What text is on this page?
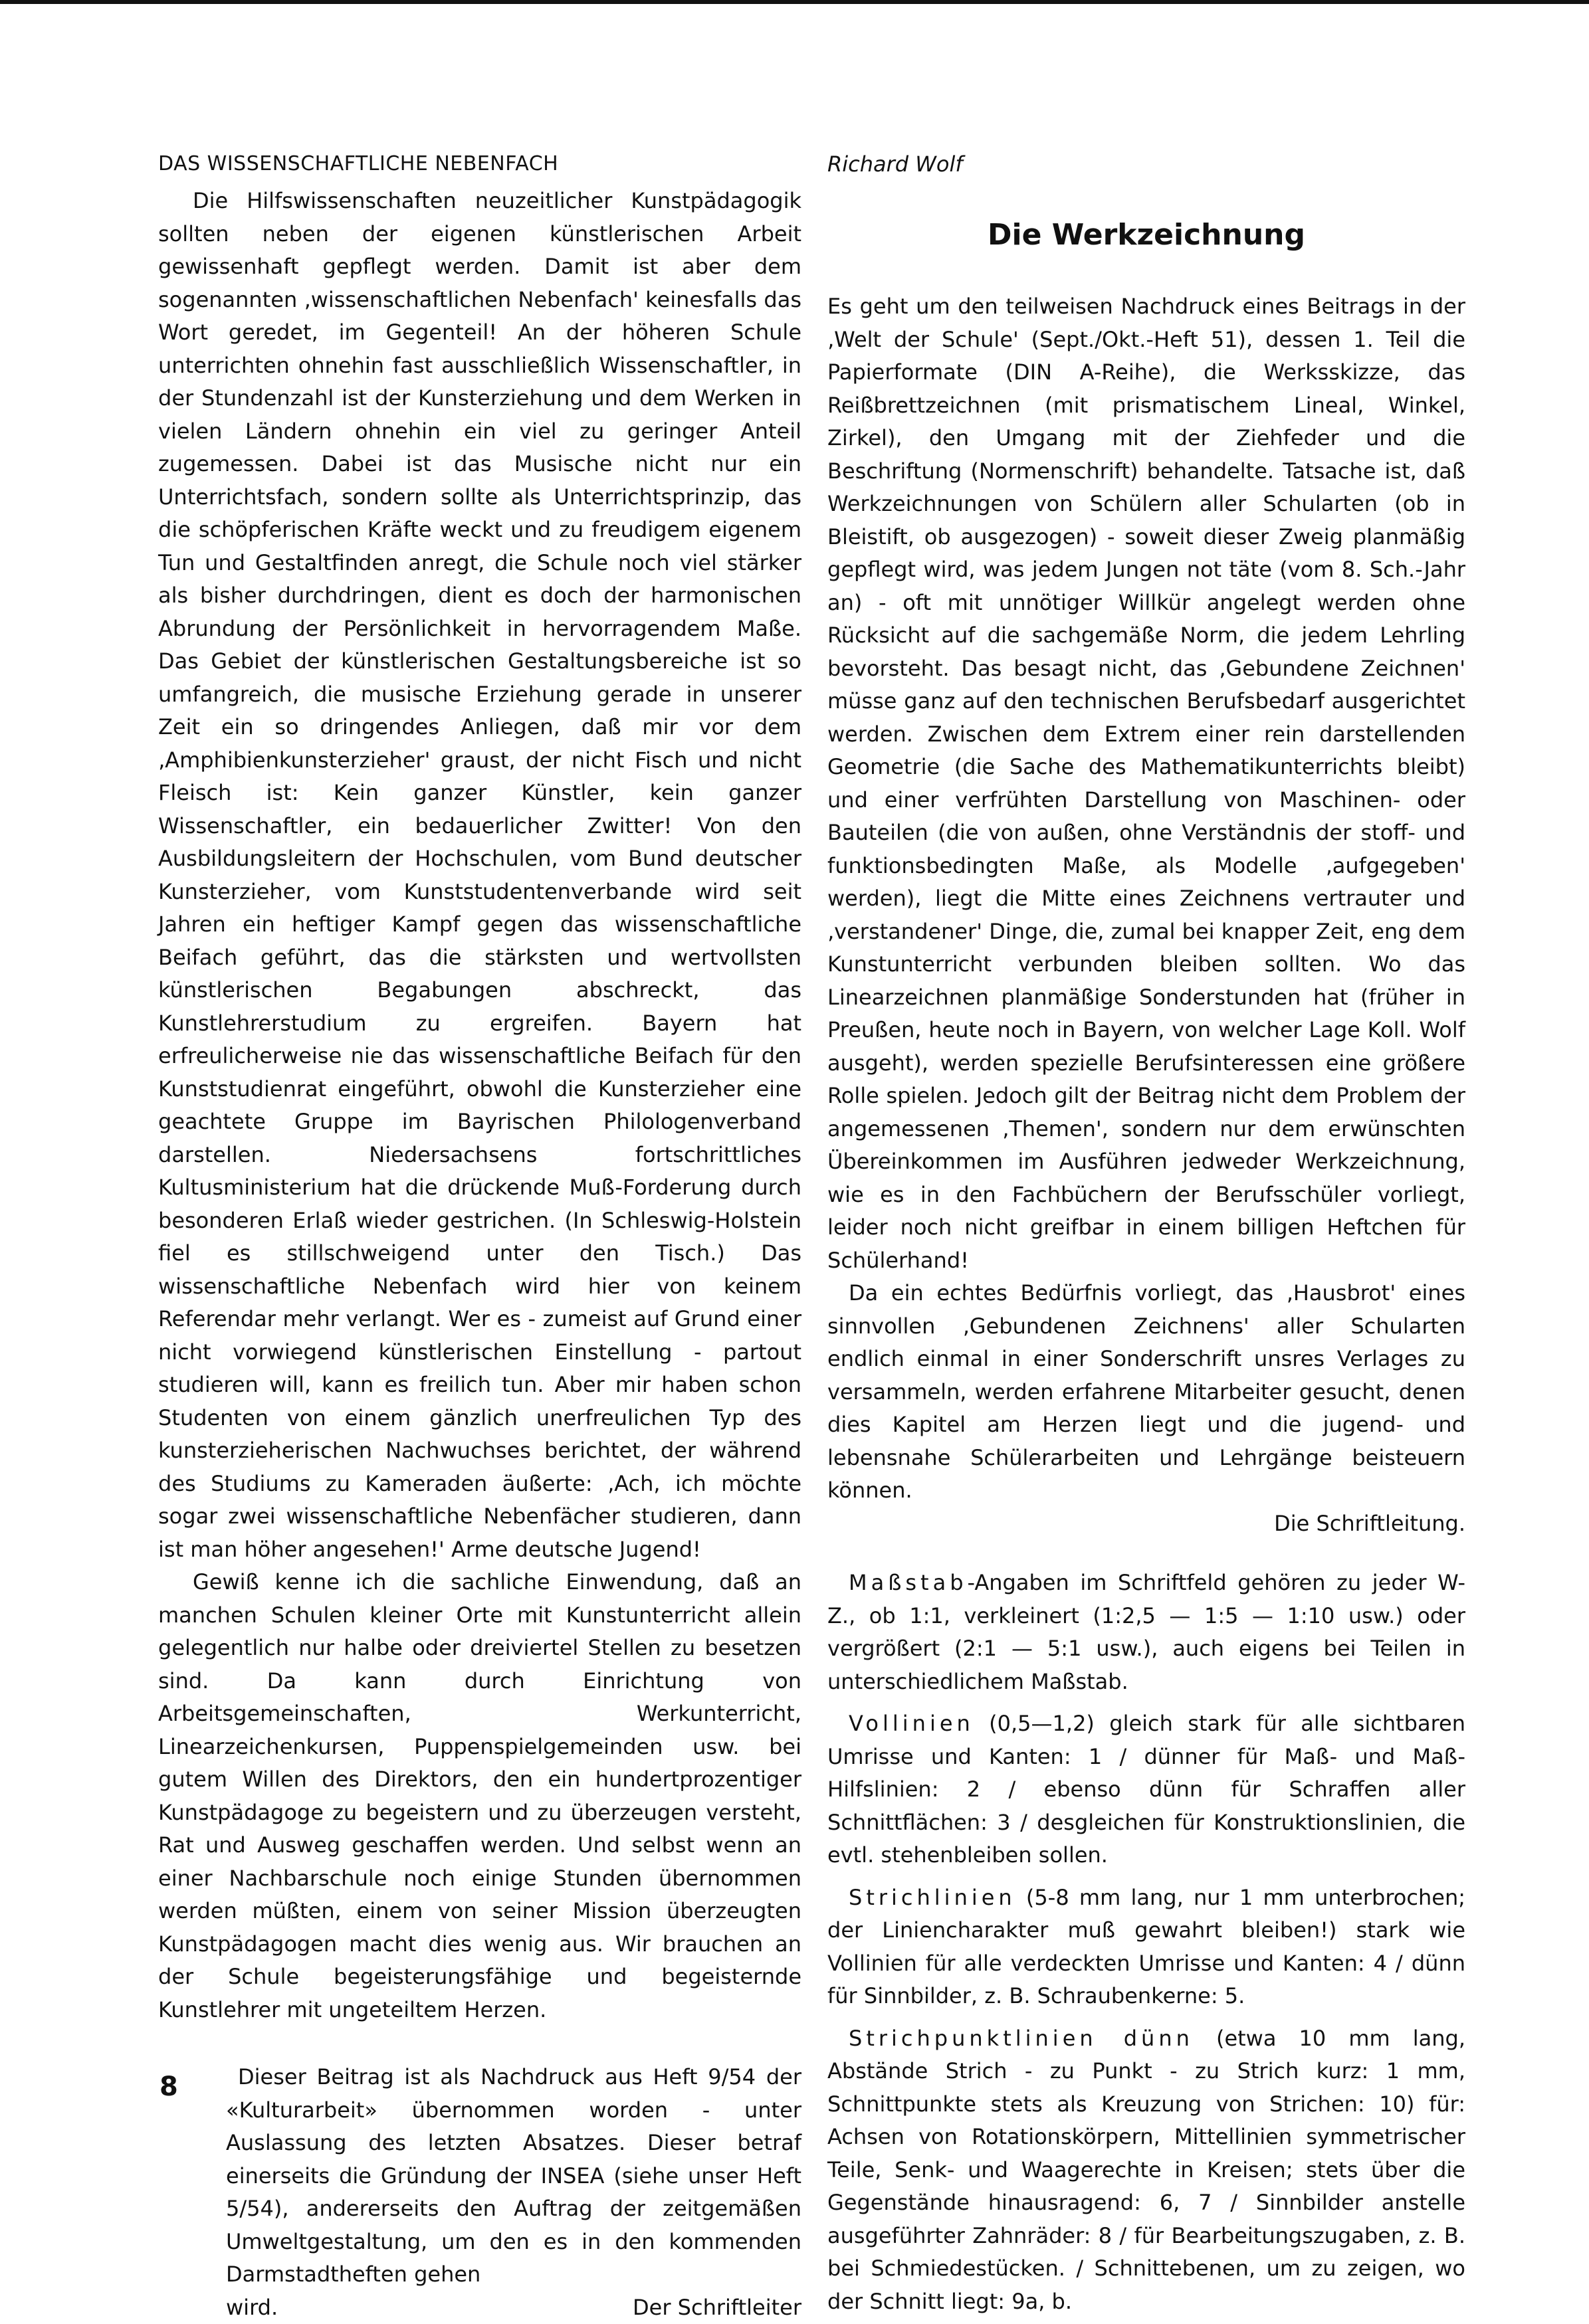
DAS WISSENSCHAFTLICHE NEBENFACH

Die Hilfswissenschaften neuzeitlicher Kunstpädagogik sollten neben der eigenen künstlerischen Arbeit gewissenhaft gepflegt werden. Damit ist aber dem sogenannten ‚wissenschaftlichen Nebenfach' keinesfalls das Wort geredet, im Gegenteil! An der höheren Schule unterrichten ohnehin fast ausschließlich Wissenschaftler, in der Stundenzahl ist der Kunsterziehung und dem Werken in vielen Ländern ohnehin ein viel zu geringer Anteil zugemessen. Dabei ist das Musische nicht nur ein Unterrichtsfach, sondern sollte als Unterrichtsprinzip, das die schöpferischen Kräfte weckt und zu freudigem eigenem Tun und Gestaltfinden anregt, die Schule noch viel stärker als bisher durchdringen, dient es doch der harmonischen Abrundung der Persönlichkeit in hervorragendem Maße. Das Gebiet der künstlerischen Gestaltungsbereiche ist so umfangreich, die musische Erziehung gerade in unserer Zeit ein so dringendes Anliegen, daß mir vor dem ‚Amphibienkunsterzieher' graust, der nicht Fisch und nicht Fleisch ist: Kein ganzer Künstler, kein ganzer Wissenschaftler, ein bedauerlicher Zwitter! Von den Ausbildungsleitern der Hochschulen, vom Bund deutscher Kunsterzieher, vom Kunststudentenverbande wird seit Jahren ein heftiger Kampf gegen das wissenschaftliche Beifach geführt, das die stärksten und wertvollsten künstlerischen Begabungen abschreckt, das Kunstlehrerstudium zu ergreifen. Bayern hat erfreulicherweise nie das wissenschaftliche Beifach für den Kunststudienrat eingeführt, obwohl die Kunsterzieher eine geachtete Gruppe im Bayrischen Philologenverband darstellen. Niedersachsens fortschrittliches Kultusministerium hat die drückende Muß-Forderung durch besonderen Erlaß wieder gestrichen. (In Schleswig-Holstein fiel es stillschweigend unter den Tisch.) Das wissenschaftliche Nebenfach wird hier von keinem Referendar mehr verlangt. Wer es - zumeist auf Grund einer nicht vorwiegend künstlerischen Einstellung - partout studieren will, kann es freilich tun. Aber mir haben schon Studenten von einem gänzlich unerfreulichen Typ des kunsterzieherischen Nachwuchses berichtet, der während des Studiums zu Kameraden äußerte: ‚Ach, ich möchte sogar zwei wissenschaftliche Nebenfächer studieren, dann ist man höher angesehen!' Arme deutsche Jugend!

Gewiß kenne ich die sachliche Einwendung, daß an manchen Schulen kleiner Orte mit Kunstunterricht allein gelegentlich nur halbe oder dreiviertel Stellen zu besetzen sind. Da kann durch Einrichtung von Arbeitsgemeinschaften, Werkunterricht, Linearzeichenkursen, Puppenspielgemeinden usw. bei gutem Willen des Direktors, den ein hundertprozentiger Kunstpädagoge zu begeistern und zu überzeugen versteht, Rat und Ausweg geschaffen werden. Und selbst wenn an einer Nachbarschule noch einige Stunden übernommen werden müßten, einem von seiner Mission überzeugten Kunstpädagogen macht dies wenig aus. Wir brauchen an der Schule begeisterungsfähige und begeisternde Kunstlehrer mit ungeteiltem Herzen.

Dieser Beitrag ist als Nachdruck aus Heft 9/54 der «Kulturarbeit» übernommen worden - unter Auslassung des letzten Absatzes. Dieser betraf einerseits die Gründung der INSEA (siehe unser Heft 5/54), andererseits den Auftrag der zeitgemäßen Umweltgestaltung, um den es in den kommenden Darmstadtheften gehen

wird.	Der Schriftleiter
Richard Wolf
Die Werkzeichnung

Es geht um den teilweisen Nachdruck eines Beitrags in der ‚Welt der Schule' (Sept./Okt.-Heft 51), dessen 1. Teil die Papierformate (DIN A-Reihe), die Werksskizze, das Reißbrettzeichnen (mit prismatischem Lineal, Winkel, Zirkel), den Umgang mit der Ziehfeder und die Beschriftung (Normenschrift) behandelte. Tatsache ist, daß Werkzeichnungen von Schülern aller Schularten (ob in Bleistift, ob ausgezogen) - soweit dieser Zweig planmäßig gepflegt wird, was jedem Jungen not täte (vom 8. Sch.-Jahr an) - oft mit unnötiger Willkür angelegt werden ohne Rücksicht auf die sachgemäße Norm, die jedem Lehrling bevorsteht. Das besagt nicht, das ‚Gebundene Zeichnen' müsse ganz auf den technischen Berufsbedarf ausgerichtet werden. Zwischen dem Extrem einer rein darstellenden Geometrie (die Sache des Mathematikunterrichts bleibt) und einer verfrühten Darstellung von Maschinen- oder Bauteilen (die von außen, ohne Verständnis der stoff- und funktionsbedingten Maße, als Modelle ‚aufgegeben' werden), liegt die Mitte eines Zeichnens vertrauter und ‚verstandener' Dinge, die, zumal bei knapper Zeit, eng dem Kunstunterricht verbunden bleiben sollten. Wo das Linearzeichnen planmäßige Sonderstunden hat (früher in Preußen, heute noch in Bayern, von welcher Lage Koll. Wolf ausgeht), werden spezielle Berufsinteressen eine größere Rolle spielen. Jedoch gilt der Beitrag nicht dem Problem der angemessenen ‚Themen', sondern nur dem erwünschten Übereinkommen im Ausführen jedweder Werkzeichnung, wie es in den Fachbüchern der Berufsschüler vorliegt, leider noch nicht greifbar in einem billigen Heftchen für Schülerhand!

Da ein echtes Bedürfnis vorliegt, das ‚Hausbrot' eines sinnvollen ‚Gebundenen Zeichnens' aller Schularten endlich einmal in einer Sonderschrift unsres Verlages zu versammeln, werden erfahrene Mitarbeiter gesucht, denen dies Kapitel am Herzen liegt und die jugend- und lebensnahe Schülerarbeiten und Lehrgänge beisteuern können.

Die Schriftleitung.

Maßstab-Angaben im Schriftfeld gehören zu jeder W-Z., ob 1:1, verkleinert (1:2,5 — 1:5 — 1:10 usw.) oder vergrößert (2:1 — 5:1 usw.), auch eigens bei Teilen in unterschiedlichem Maßstab.

Vollinien (0,5—1,2) gleich stark für alle sichtbaren Umrisse und Kanten: 1 / dünner für Maß- und Maß-Hilfslinien: 2 / ebenso dünn für Schraffen aller Schnittflächen: 3 / desgleichen für Konstruktionslinien, die evtl. stehenbleiben sollen.

Strichlinien (5-8 mm lang, nur 1 mm unterbrochen; der Liniencharakter muß gewahrt bleiben!) stark wie Vollinien für alle verdeckten Umrisse und Kanten: 4 / dünn für Sinnbilder, z. B. Schraubenkerne: 5.

Strichpunktlinien dünn (etwa 10 mm lang, Abstände Strich - zu Punkt - zu Strich kurz: 1 mm, Schnittpunkte stets als Kreuzung von Strichen: 10) für: Achsen von Rotationskörpern, Mittellinien symmetrischer Teile, Senk- und Waagerechte in Kreisen; stets über die Gegenstände hinausragend: 6, 7 / Sinnbilder anstelle ausgeführter Zahnräder: 8 / für Bearbeitungszugaben, z. B. bei Schmiedestücken. / Schnittebenen, um zu zeigen, wo der Schnitt liegt: 9a, b.

8
